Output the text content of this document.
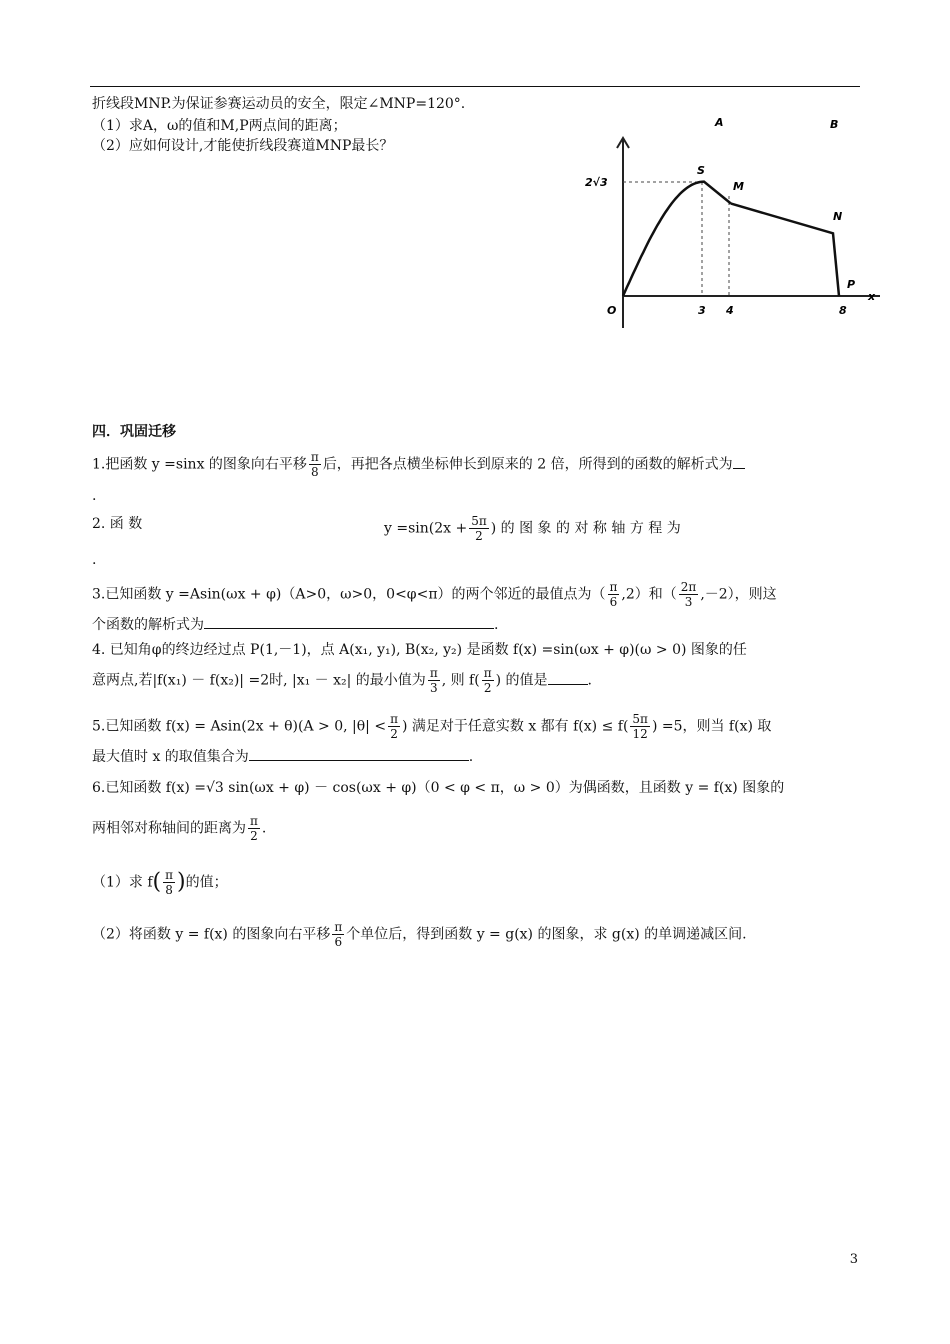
折线段MNP.为保证参赛运动员的安全，限定∠MNP=120°.
（1）求A，ω的值和M,P两点间的距离；
（2）应如何设计,才能使折线段赛道MNP最长？
2√3
S
M
N
P
O	3 4	8
x
A	B
四．巩固迁移
1.把函数 y =sinx 的图象向右平移 $\frac{\pi}{8}$ 后，再把各点横坐标伸长到原来的 2 倍，所得到的函数的解析式为
.
2. 函 数	$y =\sin(2x + \frac{5\pi}{2}$ ) 的 图 象 的 对 称 轴 方 程 为
.
3.已知函数 y =Asin(ωx + φ)（A>0，ω>0，0<φ<π）的两个邻近的最值点为（ $\frac{\pi}{6} ,2$）和（ $\frac{2\pi}{3} ,-2$），则这
个函数的解析式为	.
4. 已知角φ的终边经过点 P(1,－1)，点 A(x₁, y₁), B(x₂, y₂) 是函数 f(x) =sin(ωx + φ)(ω > 0) 图象的任
意两点,若|f(x₁) － f(x₂)| =2时, |x₁ － x₂| 的最小值为 $\frac{\pi}{3}$ , 则 $f( \frac{\pi}{2}$ ) 的值是	.
5.已知函数 f(x) = Asin(2x + θ)(A > 0, $|\theta| < \frac{\pi}{2}$ ) 满足对于任意实数 x 都有 $f(x) \le f( \frac{5\pi}{12}$ ) =5，则当 f(x) 取
最大值时 x 的取值集合为	.
6.已知函数 f(x) =√3 sin(ωx + φ) － cos(ωx + φ)（0 < φ < π，ω > 0）为偶函数，且函数 y = f(x) 图象的
两相邻对称轴间的距离为 $\frac{\pi}{2}$ .
（1）求 $f( \frac{\pi}{8}$ )的值；
（2）将函数 y = f(x) 的图象向右平移 $\frac{\pi}{6}$ 个单位后，得到函数 y = g(x) 的图象，求 g(x) 的单调递减区间.
3
